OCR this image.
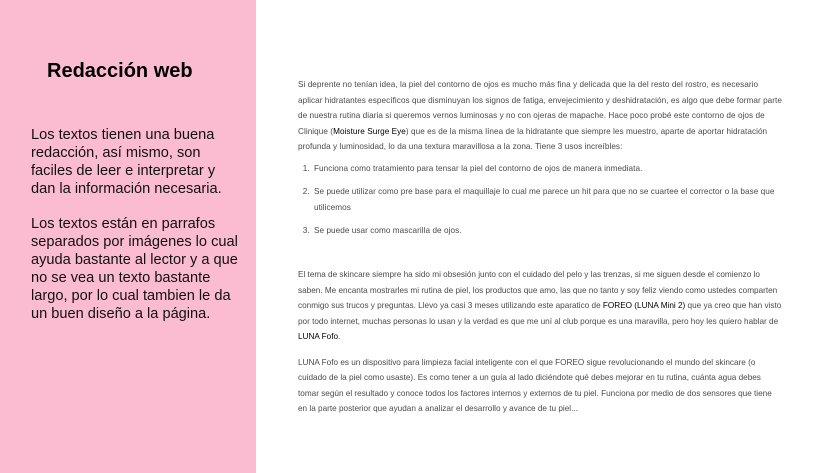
Redacción web

Los textos tienen una buena redacción, así mismo, son faciles de leer e interpretar y dan la información necesaria.

Los textos están en parrafos separados por imágenes lo cual ayuda bastante al lector y a que no se vea un texto bastante largo, por lo cual tambien le da un buen diseño a la página.

Si deprente no tenían idea, la piel del contorno de ojos es mucho más fina y delicada que la del resto del rostro, es necesario aplicar hidratantes específicos que disminuyan los signos de fatiga, envejecimiento y deshidratación, es algo que debe formar parte de nuestra rutina diaria si queremos vernos luminosas y no con ojeras de mapache. Hace poco probé este contorno de ojos de Clinique (Moisture Surge Eye) que es de la misma línea de la hidratante que siempre les muestro, aparte de aportar hidratación profunda y luminosidad, lo da una textura maravillosa a la zona. Tiene 3 usos increíbles:

1. Funciona como tratamiento para tensar la piel del contorno de ojos de manera inmediata.
2. Se puede utilizar como pre base para el maquillaje lo cual me parece un hit para que no se cuartee el corrector o la base que utilicemos
3. Se puede usar como mascarilla de ojos.

El tema de skincare siempre ha sido mi obsesión junto con el cuidado del pelo y las trenzas, si me siguen desde el comienzo lo saben. Me encanta mostrarles mi rutina de piel, los productos que amo, las que no tanto y soy feliz viendo como ustedes comparten conmigo sus trucos y preguntas. Llevo ya casi 3 meses utilizando este aparatico de FOREO (LUNA Mini 2) que ya creo que han visto por todo internet, muchas personas lo usan y la verdad es que me uní al club porque es una maravilla, pero hoy les quiero hablar de LUNA Fofo.

LUNA Fofo es un dispositivo para limpieza facial inteligente con el que FOREO sigue revolucionando el mundo del skincare (o cuidado de la piel como usaste). Es como tener a un guía al lado diciéndote qué debes mejorar en tu rutina, cuánta agua debes tomar según el resultado y conoce todos los factores internos y externos de tu piel. Funciona por medio de dos sensores que tiene en la parte posterior que ayudan a analizar el desarrollo y avance de tu piel...
